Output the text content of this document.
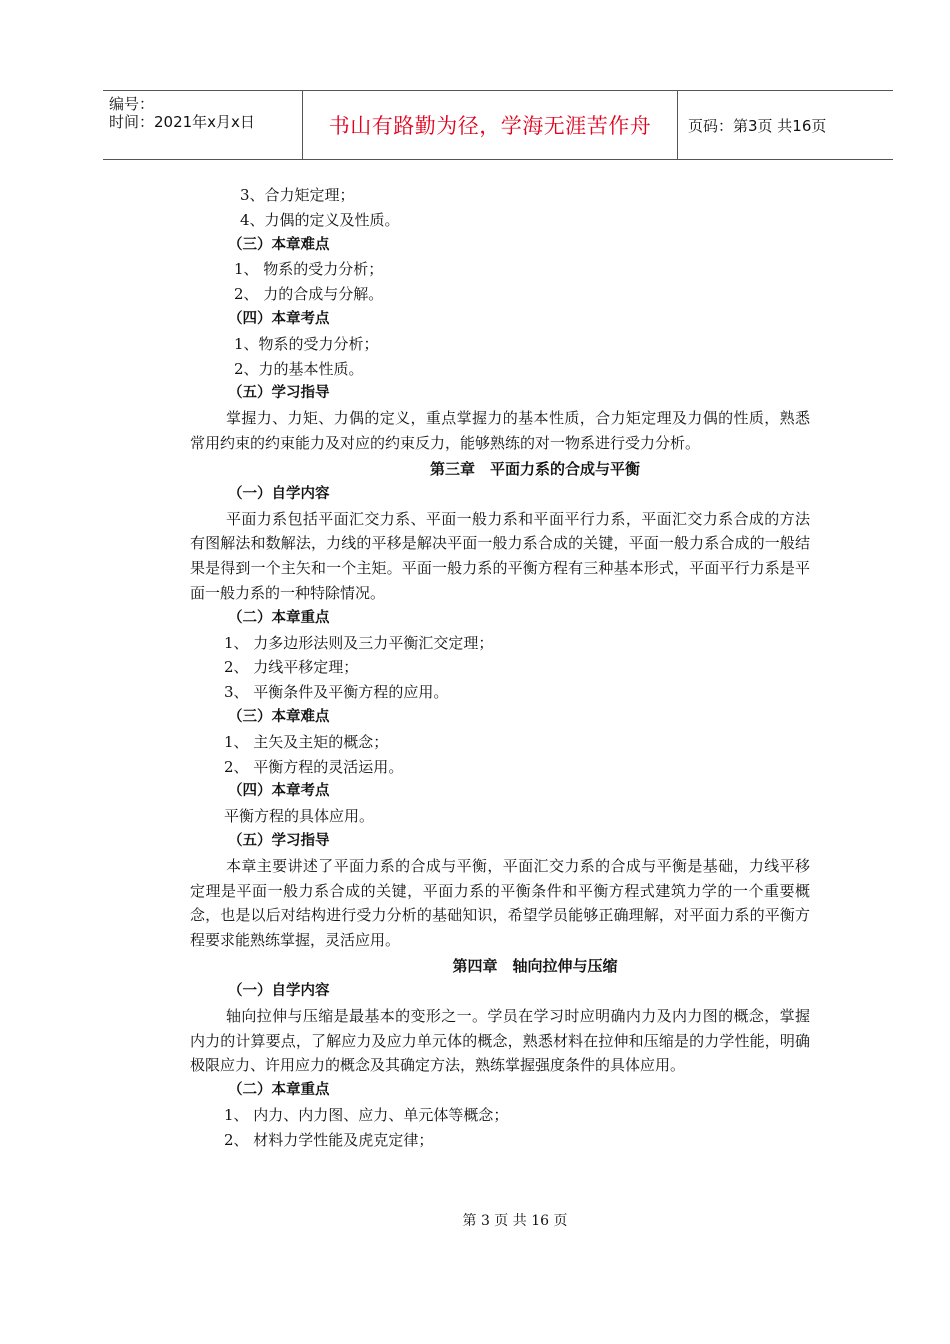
编号：
时间：2021年x月x日	书山有路勤为径，学海无涯苦作舟	页码：第3页 共16页
3、合力矩定理；
4、力偶的定义及性质。
（三）本章难点
1、 物系的受力分析；
2、 力的合成与分解。
（四）本章考点
1、物系的受力分析；
2、力的基本性质。
（五）学习指导

掌握力、力矩、力偶的定义，重点掌握力的基本性质，合力矩定理及力偶的性质，熟悉常用约束的约束能力及对应的约束反力，能够熟练的对一物系进行受力分析。

第三章　平面力系的合成与平衡
（一）自学内容

平面力系包括平面汇交力系、平面一般力系和平面平行力系，平面汇交力系合成的方法有图解法和数解法，力线的平移是解决平面一般力系合成的关键，平面一般力系合成的一般结果是得到一个主矢和一个主矩。平面一般力系的平衡方程有三种基本形式，平面平行力系是平面一般力系的一种特除情况。

（二）本章重点
1、 力多边形法则及三力平衡汇交定理；
2、 力线平移定理；
3、 平衡条件及平衡方程的应用。
（三）本章难点
1、 主矢及主矩的概念；
2、 平衡方程的灵活运用。
（四）本章考点
平衡方程的具体应用。
（五）学习指导

本章主要讲述了平面力系的合成与平衡，平面汇交力系的合成与平衡是基础，力线平移定理是平面一般力系合成的关键，平面力系的平衡条件和平衡方程式建筑力学的一个重要概念，也是以后对结构进行受力分析的基础知识，希望学员能够正确理解，对平面力系的平衡方程要求能熟练掌握，灵活应用。

第四章　轴向拉伸与压缩
（一）自学内容

轴向拉伸与压缩是最基本的变形之一。学员在学习时应明确内力及内力图的概念，掌握内力的计算要点，了解应力及应力单元体的概念，熟悉材料在拉伸和压缩是的力学性能，明确极限应力、许用应力的概念及其确定方法，熟练掌握强度条件的具体应用。

（二）本章重点
1、 内力、内力图、应力、单元体等概念；
2、 材料力学性能及虎克定律；
第 3 页 共 16 页
